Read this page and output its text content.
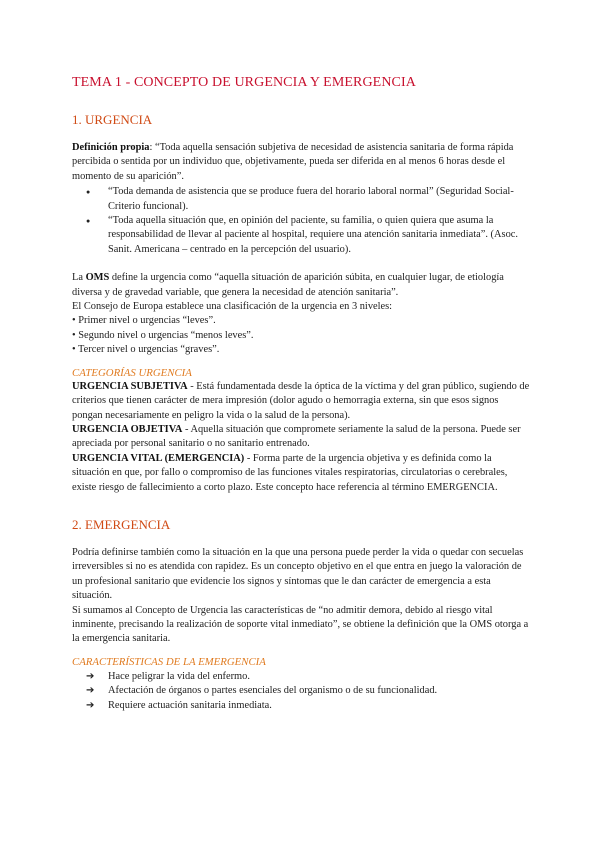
TEMA 1 - CONCEPTO DE URGENCIA Y EMERGENCIA
1. URGENCIA

Definición propia: “Toda aquella sensación subjetiva de necesidad de asistencia sanitaria de forma rápida percibida o sentida por un individuo que, objetivamente, pueda ser diferida en al menos 6 horas desde el momento de su aparición”.

● “Toda demanda de asistencia que se produce fuera del horario laboral normal” (Seguridad Social- Criterio funcional).
● “Toda aquella situación que, en opinión del paciente, su familia, o quien quiera que asuma la responsabilidad de llevar al paciente al hospital, requiere una atención sanitaria inmediata”. (Asoc. Sanit. Americana – centrado en la percepción del usuario).

La OMS define la urgencia como “aquella situación de aparición súbita, en cualquier lugar, de etiología diversa y de gravedad variable, que genera la necesidad de atención sanitaria”.

El Consejo de Europa establece una clasificación de la urgencia en 3 niveles:

• Primer nivel o urgencias “leves”.
• Segundo nivel o urgencias “menos leves”.
• Tercer nivel o urgencias “graves”.

CATEGORÍAS URGENCIA

URGENCIA SUBJETIVA - Está fundamentada desde la óptica de la víctima y del gran público, sugiendo de criterios que tienen carácter de mera impresión (dolor agudo o hemorragia externa, sin que esos signos pongan necesariamente en peligro la vida o la salud de la persona).

URGENCIA OBJETIVA - Aquella situación que compromete seriamente la salud de la persona. Puede ser apreciada por personal sanitario o no sanitario entrenado.

URGENCIA VITAL (EMERGENCIA) - Forma parte de la urgencia objetiva y es definida como la situación en que, por fallo o compromiso de las funciones vitales respiratorias, circulatorias o cerebrales, existe riesgo de fallecimiento a corto plazo. Este concepto hace referencia al término EMERGENCIA.

2. EMERGENCIA

Podría definirse también como la situación en la que una persona puede perder la vida o quedar con secuelas irreversibles si no es atendida con rapidez. Es un concepto objetivo en el que entra en juego la valoración de un profesional sanitario que evidencie los signos y síntomas que le dan carácter de emergencia a esta situación.

Si sumamos al Concepto de Urgencia las características de “no admitir demora, debido al riesgo vital inminente, precisando la realización de soporte vital inmediato”, se obtiene la definición que la OMS otorga a la emergencia sanitaria.

CARACTERÍSTICAS DE LA EMERGENCIA

➔ Hace peligrar la vida del enfermo.
➔ Afectación de órganos o partes esenciales del organismo o de su funcionalidad.
➔ Requiere actuación sanitaria inmediata.
